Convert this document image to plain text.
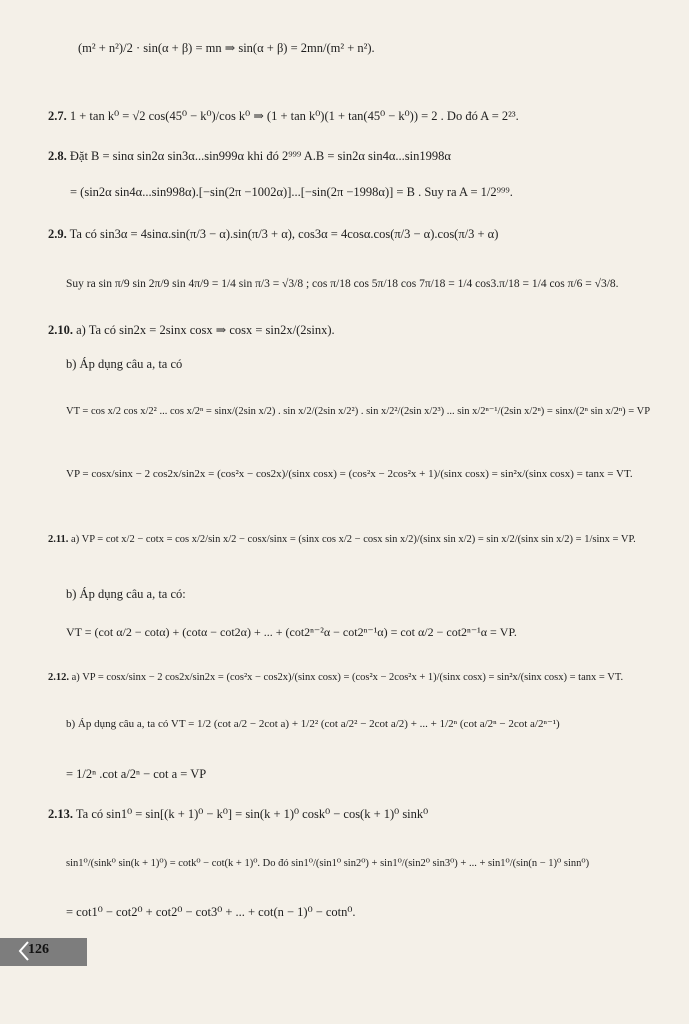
(m² + n²)/2 · sin(α + β) = mn ⇒ sin(α + β) = 2mn/(m² + n²).
2.7. 1 + tan k⁰ = √2 cos(45⁰ − k⁰)/cos k⁰ ⇒ (1 + tan k⁰)(1 + tan(45⁰ − k⁰)) = 2 . Do đó A = 2²³.
2.8. Đặt B = sinα sin2α sin3α...sin999α khi đó 2⁹⁹⁹ A.B = sin2α sin4α...sin1998α
= (sin2α sin4α...sin998α).[−sin(2π −1002α)]...[−sin(2π −1998α)] = B . Suy ra A = 1/2⁹⁹⁹.
2.9. Ta có sin3α = 4sinα.sin(π/3 − α).sin(π/3 + α), cos3α = 4cosα.cos(π/3 − α).cos(π/3 + α)
Suy ra sin π/9 sin 2π/9 sin 4π/9 = 1/4 sin π/3 = √3/8 ; cos π/18 cos 5π/18 cos 7π/18 = 1/4 cos3.π/18 = 1/4 cos π/6 = √3/8.
2.10. a) Ta có sin2x = 2sinx cosx ⇒ cosx = sin2x/(2sinx).
b) Áp dụng câu a, ta có
VT = cos x/2 cos x/2² ... cos x/2ⁿ = sinx/(2sin x/2) . sin x/2/(2sin x/2²) . sin x/2²/(2sin x/2³) ... sin x/2ⁿ⁻¹/(2sin x/2ⁿ) = sinx/(2ⁿ sin x/2ⁿ) = VP
VP = cosx/sinx − 2 cos2x/sin2x = (cos²x − cos2x)/(sinx cosx) = (cos²x − 2cos²x + 1)/(sinx cosx) = sin²x/(sinx cosx) = tanx = VT.
2.11. a) VP = cot x/2 − cotx = cos x/2/sin x/2 − cosx/sinx = (sinx cos x/2 − cosx sin x/2)/(sinx sin x/2) = sin x/2/(sinx sin x/2) = 1/sinx = VP.
b) Áp dụng câu a, ta có:
VT = (cot α/2 − cotα) + (cotα − cot2α) + ... + (cot2ⁿ⁻²α − cot2ⁿ⁻¹α) = cot α/2 − cot2ⁿ⁻¹α = VP.
2.12. a) VP = cosx/sinx − 2 cos2x/sin2x = (cos²x − cos2x)/(sinx cosx) = (cos²x − 2cos²x + 1)/(sinx cosx) = sin²x/(sinx cosx) = tanx = VT.
b) Áp dụng câu a, ta có VT = 1/2 (cot a/2 − 2cot a) + 1/2² (cot a/2² − 2cot a/2) + ... + 1/2ⁿ (cot a/2ⁿ − 2cot a/2ⁿ⁻¹)
= 1/2ⁿ .cot a/2ⁿ − cot a = VP
2.13. Ta có sin1⁰ = sin[(k + 1)⁰ − k⁰] = sin(k + 1)⁰ cosk⁰ − cos(k + 1)⁰ sink⁰
sin1⁰/(sink⁰ sin(k + 1)⁰) = cotk⁰ − cot(k + 1)⁰. Do đó sin1⁰/(sin1⁰ sin2⁰) + sin1⁰/(sin2⁰ sin3⁰) + ... + sin1⁰/(sin(n − 1)⁰ sinn⁰)
= cot1⁰ − cot2⁰ + cot2⁰ − cot3⁰ + ... + cot(n − 1)⁰ − cotn⁰.
126
